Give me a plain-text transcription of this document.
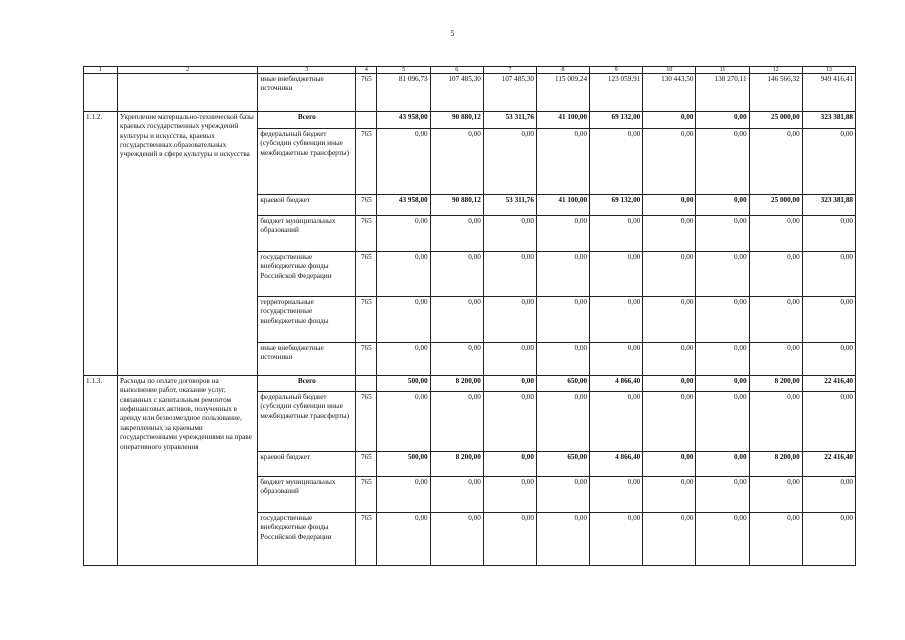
5
1	2	3	4	5	6	7	8	9	10	11	12	13
		иные внебюджетные источники	765	81 096,73	107 485,30	107 485,30	115 009,24	123 059,91	130 443,50	138 270,11	146 566,32	949 416,41
1.1.2.	Укрепление материально-технической базы краевых государственных учреждений культуры и искусства, краевых государственных образовательных учреждений в сфере культуры и искусства	Всего		43 958,00	90 880,12	53 311,76	41 100,00	69 132,00	0,00	0,00	25 000,00	323 381,88
		федеральный бюджет (субсидии субвенции иные межбюджетные трансферты)	765	0,00	0,00	0,00	0,00	0,00	0,00	0,00	0,00	0,00
		краевой бюджет	765	43 958,00	90 880,12	53 311,76	41 100,00	69 132,00	0,00	0,00	25 000,00	323 381,88
		бюджет муниципальных образований	765	0,00	0,00	0,00	0,00	0,00	0,00	0,00	0,00	0,00
		государственные внебюджетные фонды Российской Федерации	765	0,00	0,00	0,00	0,00	0,00	0,00	0,00	0,00	0,00
		территориальные государственные внебюджетные фонды	765	0,00	0,00	0,00	0,00	0,00	0,00	0,00	0,00	0,00
		иные внебюджетные источники	765	0,00	0,00	0,00	0,00	0,00	0,00	0,00	0,00	0,00
1.1.3.	Расходы по оплате договоров на выполнение работ, оказание услуг, связанных с капитальным ремонтом нефинансовых активов, полученных в аренду или безвозмездное пользование, закрепленных за краевыми государственными учреждениями на праве оперативного управления	Всего		500,00	8 200,00	0,00	650,00	4 866,40	0,00	0,00	8 200,00	22 416,40
		федеральный бюджет (субсидии субвенции иные межбюджетные трансферты)	765	0,00	0,00	0,00	0,00	0,00	0,00	0,00	0,00	0,00
		краевой бюджет	765	500,00	8 200,00	0,00	650,00	4 866,40	0,00	0,00	8 200,00	22 416,40
		бюджет муниципальных образований	765	0,00	0,00	0,00	0,00	0,00	0,00	0,00	0,00	0,00
		государственные внебюджетные фонды Российской Федерации	765	0,00	0,00	0,00	0,00	0,00	0,00	0,00	0,00	0,00
